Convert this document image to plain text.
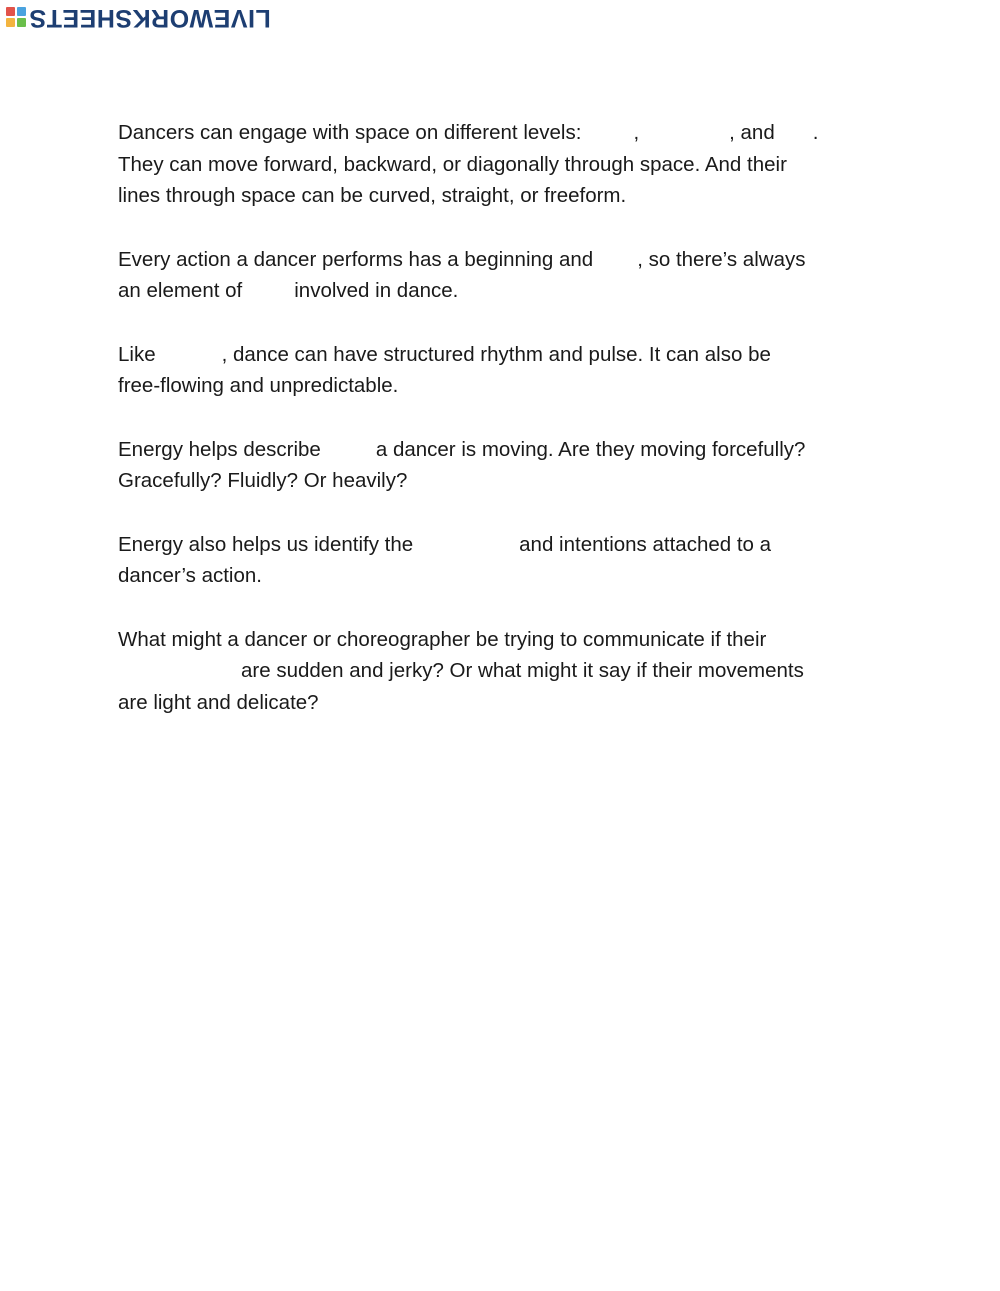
LIVEWORKSHEETS

Dancers can engage with space on different levels:	,	, and .
They can move forward, backward, or diagonally through space. And their
lines through space can be curved, straight, or freeform.

Every action a dancer performs has a beginning and , so there’s always
an element of	involved in dance.

Like	, dance can have structured rhythm and pulse. It can also be
free-flowing and unpredictable.

Energy helps describe	a dancer is moving. Are they moving forcefully?
Gracefully? Fluidly? Or heavily?

Energy also helps us identify the	and intentions attached to a
dancer’s action.

What might a dancer or choreographer be trying to communicate if their
are sudden and jerky? Or what might it say if their movements
are light and delicate?
